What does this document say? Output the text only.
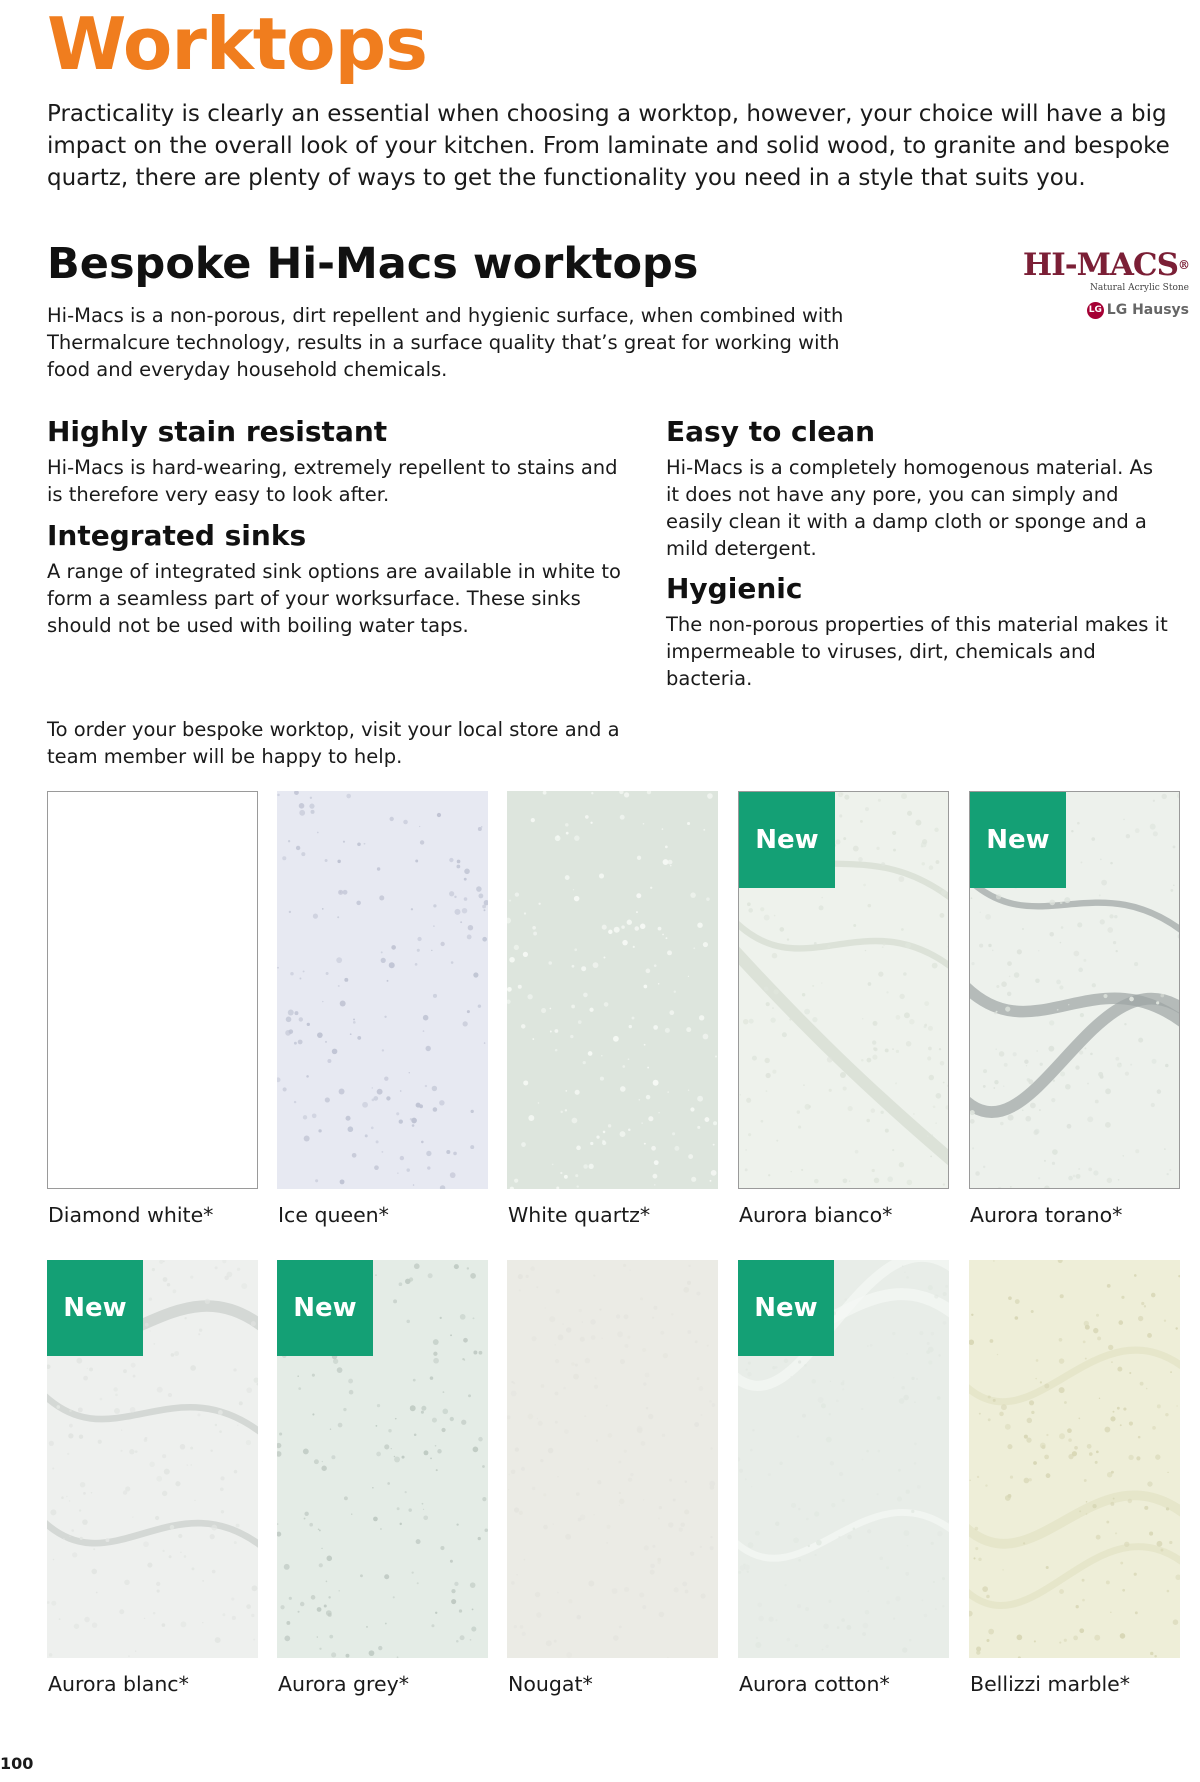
Worktops

Practicality is clearly an essential when choosing a worktop, however, your choice will have a big impact on the overall look of your kitchen. From laminate and solid wood, to granite and bespoke quartz, there are plenty of ways to get the functionality you need in a style that suits you.

Bespoke Hi-Macs worktops

Hi-Macs is a non-porous, dirt repellent and hygienic surface, when combined with Thermalcure technology, results in a surface quality that’s great for working with food and everyday household chemicals.

HI-MACS®
Natural Acrylic Stone
LG LG Hausys
Highly stain resistant

Hi-Macs is hard-wearing, extremely repellent to stains and is therefore very easy to look after.

Integrated sinks

A range of integrated sink options are available in white to form a seamless part of your worksurface. These sinks should not be used with boiling water taps.

Easy to clean

Hi-Macs is a completely homogenous material. As it does not have any pore, you can simply and easily clean it with a damp cloth or sponge and a mild detergent.

Hygienic

The non-porous properties of this material makes it impermeable to viruses, dirt, chemicals and bacteria.

To order your bespoke worktop, visit your local store and a team member will be happy to help.

Diamond white*	Ice queen*	White quartz*
New
Aurora bianco*
New
Aurora torano*
New
Aurora blanc*
New
Aurora grey*	Nougat*
New
Aurora cotton*	Bellizzi marble*
100
